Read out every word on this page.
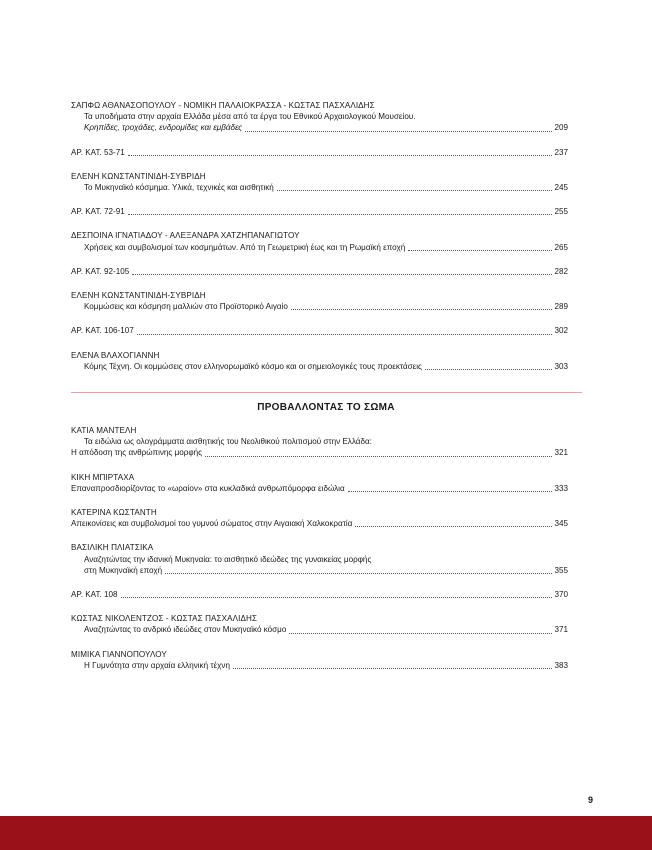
ΣΑΠΦΩ ΑΘΑΝΑΣΟΠΟΥΛΟΥ - ΝΟΜΙΚΗ ΠΑΛΑΙΟΚΡΑΣΣΑ - ΚΩΣΤΑΣ ΠΑΣΧΑΛΙΔΗΣ
Τα υποδήματα στην αρχαία Ελλάδα μέσα από τα έργα του Εθνικού Αρχαιολογικού Μουσείου.
Κρηπίδες, τροχάδες, ενδρομίδες και εμβάδες	209
ΑΡ. ΚΑΤ. 53-71	237
ΕΛΕΝΗ ΚΩΝΣΤΑΝΤΙΝΙΔΗ-ΣΥΒΡΙΔΗ
Το Μυκηναϊκό κόσμημα. Υλικά, τεχνικές και αισθητική	245
ΑΡ. ΚΑΤ. 72-91	255
ΔΕΣΠΟΙΝΑ ΙΓΝΑΤΙΑΔΟΥ - ΑΛΕΞΑΝΔΡΑ ΧΑΤΖΗΠΑΝΑΓΙΩΤΟΥ
Χρήσεις και συμβολισμοί των κοσμημάτων. Από τη Γεωμετρική έως και τη Ρωμαϊκή εποχή	265
ΑΡ. ΚΑΤ. 92-105	282
ΕΛΕΝΗ ΚΩΝΣΤΑΝΤΙΝΙΔΗ-ΣΥΒΡΙΔΗ
Κομμώσεις και κόσμηση μαλλιών στο Προϊστορικό Αιγαίο	289
ΑΡ. ΚΑΤ. 106-107	302
ΕΛΕΝΑ ΒΛΑΧΟΓΙΑΝΝΗ
Κόμης Τέχνη. Οι κομμώσεις στον ελληνορωμαϊκό κόσμο και οι σημειολογικές τους προεκτάσεις	303
ΠΡΟΒΑΛΛΟΝΤΑΣ ΤΟ ΣΩΜΑ
ΚΑΤΙΑ ΜΑΝΤΕΛΗ
Τα ειδώλια ως ολογράμματα αισθητικής του Νεολιθικού πολιτισμού στην Ελλάδα:
Η απόδοση της ανθρώπινης μορφής	321
ΚΙΚΗ ΜΠΙΡΤΑΧΑ
Επαναπροσδιορίζοντας το «ωραίον» στα κυκλαδικά ανθρωπόμορφα ειδώλια	333
ΚΑΤΕΡΙΝΑ ΚΩΣΤΑΝΤΗ
Απεικονίσεις και συμβολισμοί του γυμνού σώματος στην Αιγαιακή Χαλκοκρατία	345
ΒΑΣΙΛΙΚΗ ΠΛΙΑΤΣΙΚΑ
Αναζητώντας την ιδανική Μυκηναία: το αισθητικό ιδεώδες της γυναικείας μορφής
στη Μυκηναϊκή εποχή	355
ΑΡ. ΚΑΤ. 108	370
ΚΩΣΤΑΣ ΝΙΚΟΛΕΝΤΖΟΣ - ΚΩΣΤΑΣ ΠΑΣΧΑΛΙΔΗΣ
Αναζητώντας το ανδρικό ιδεώδες στον Μυκηναϊκό κόσμο	371
ΜΙΜΙΚΑ ΓΙΑΝΝΟΠΟΥΛΟΥ
Η Γυμνότητα στην αρχαία ελληνική τέχνη	383
9
